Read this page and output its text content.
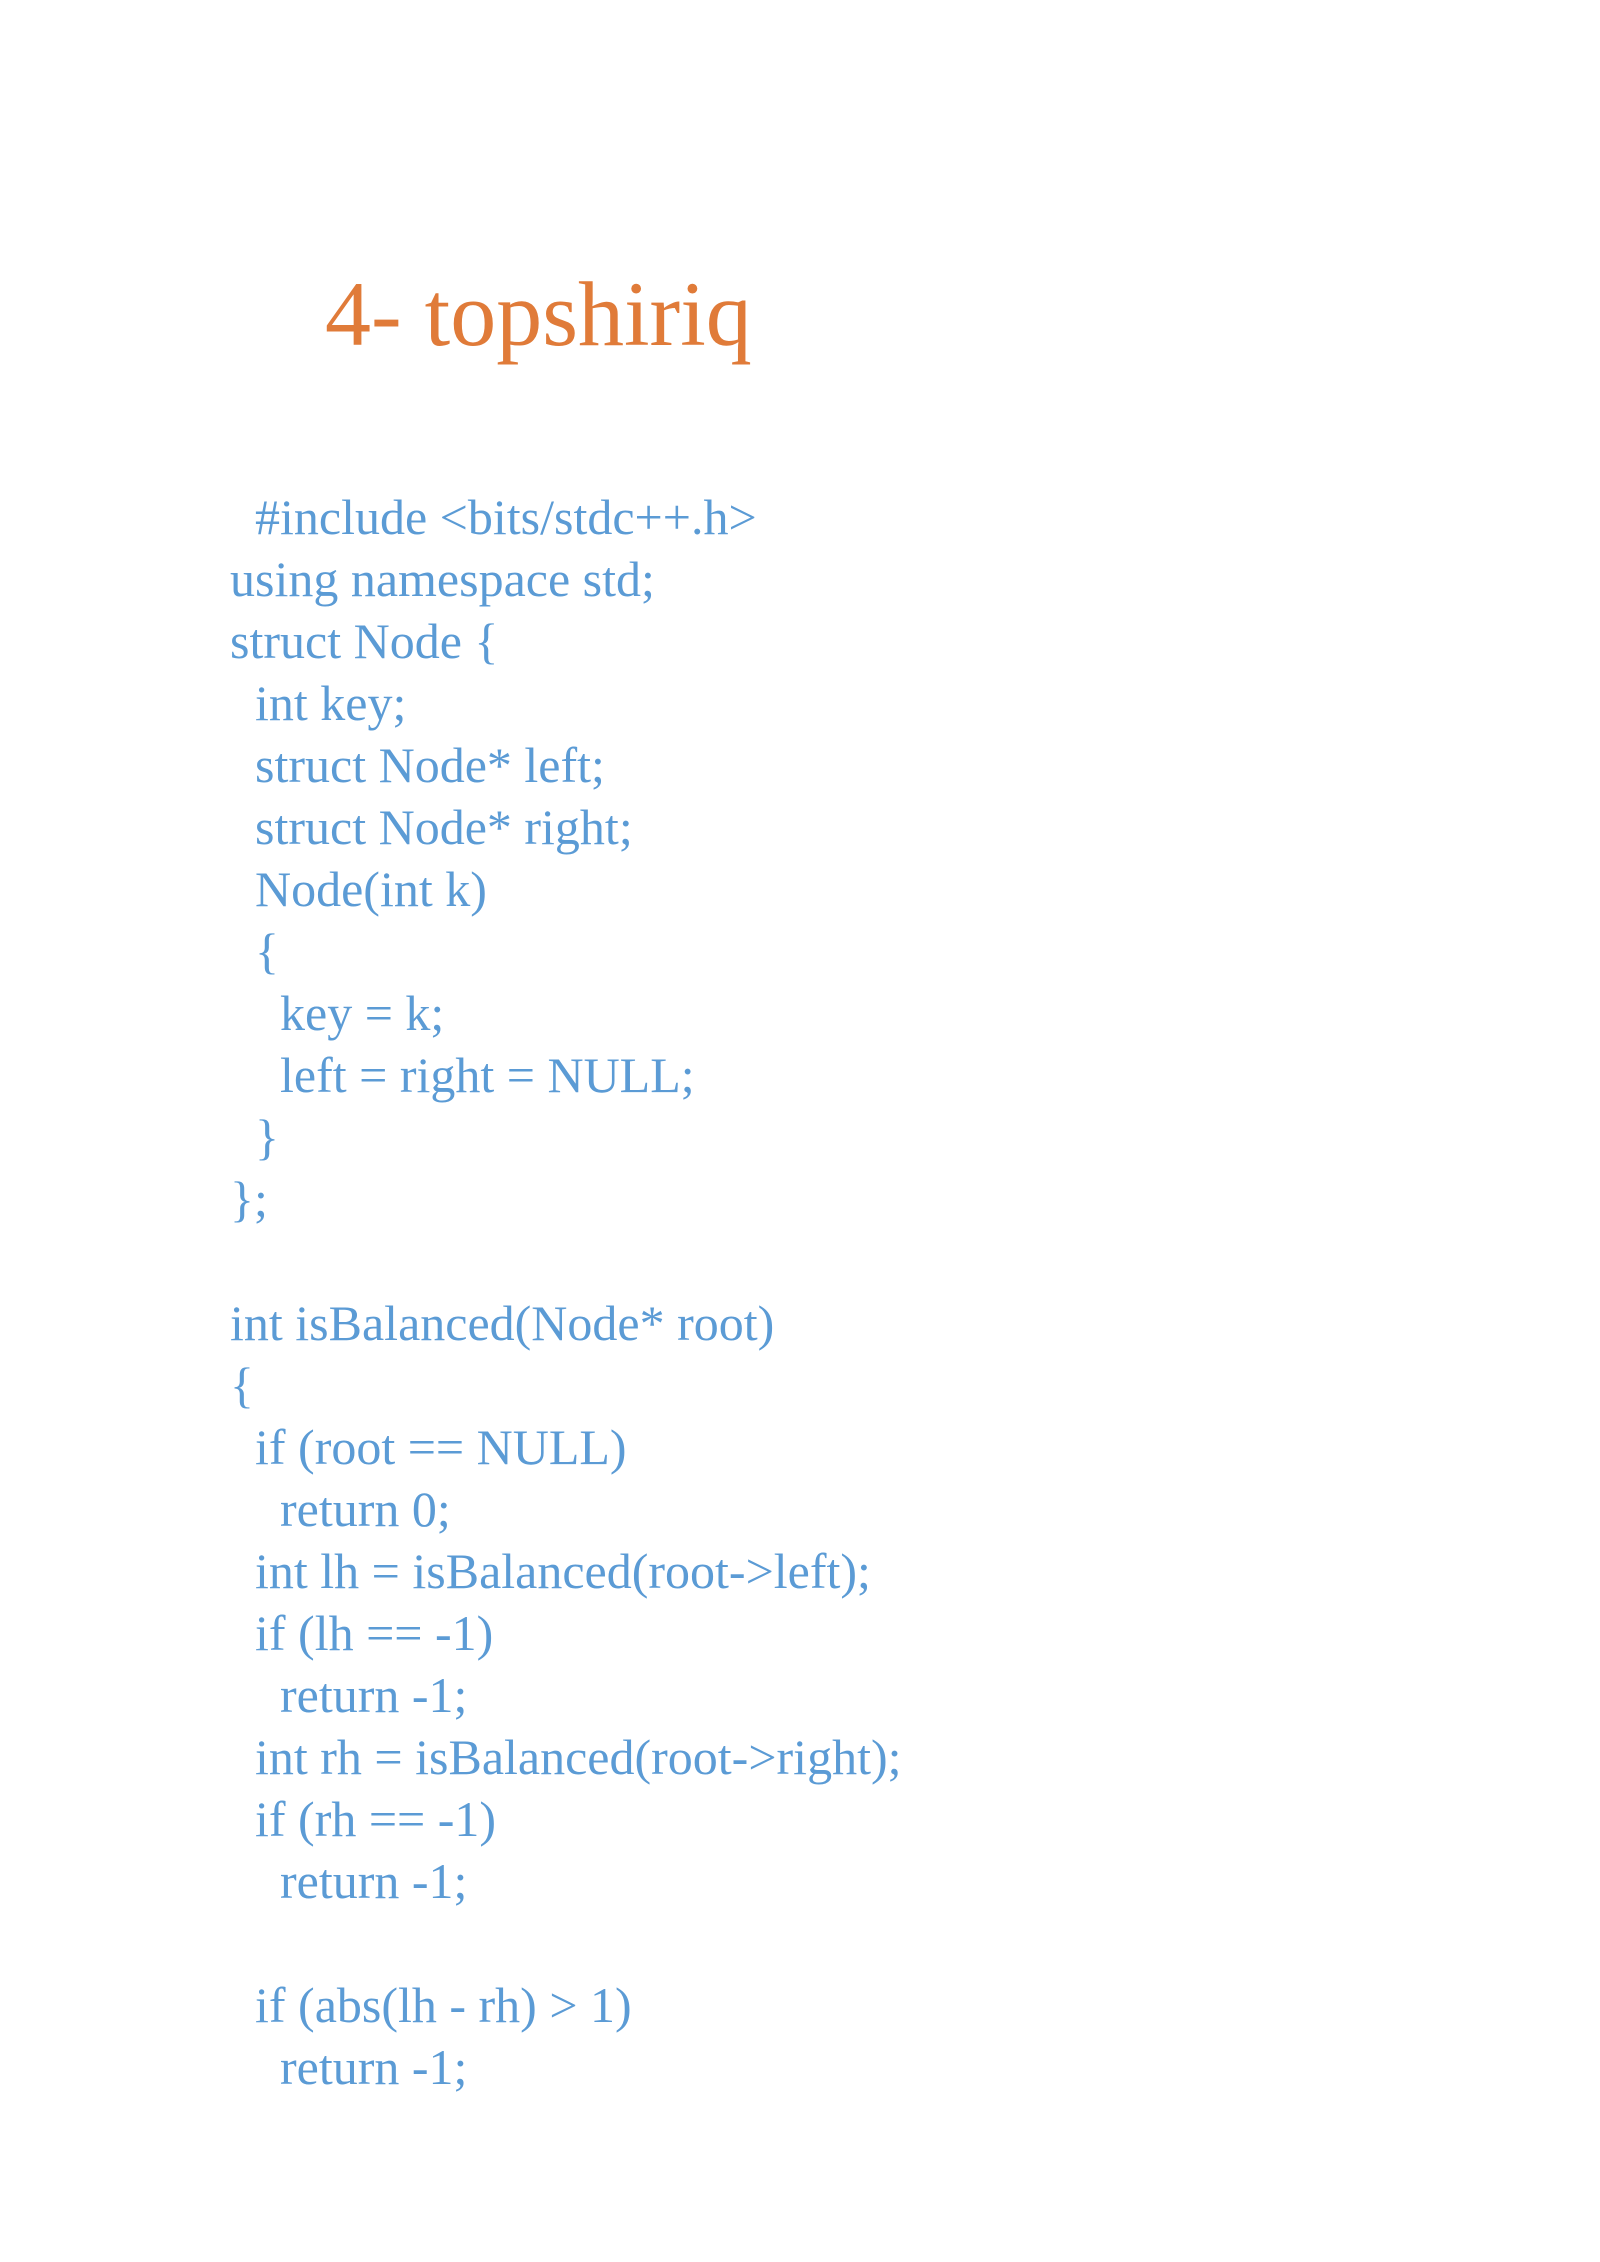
4- topshiriq
#include <bits/stdc++.h>
using namespace std;
struct Node {
int key;
struct Node* left;
struct Node* right;
Node(int k)
{
key = k;
left = right = NULL;
}
};
int isBalanced(Node* root)
{
if (root == NULL)
return 0;
int lh = isBalanced(root->left);
if (lh == -1)
return -1;
int rh = isBalanced(root->right);
if (rh == -1)
return -1;
if (abs(lh - rh) > 1)
return -1;
